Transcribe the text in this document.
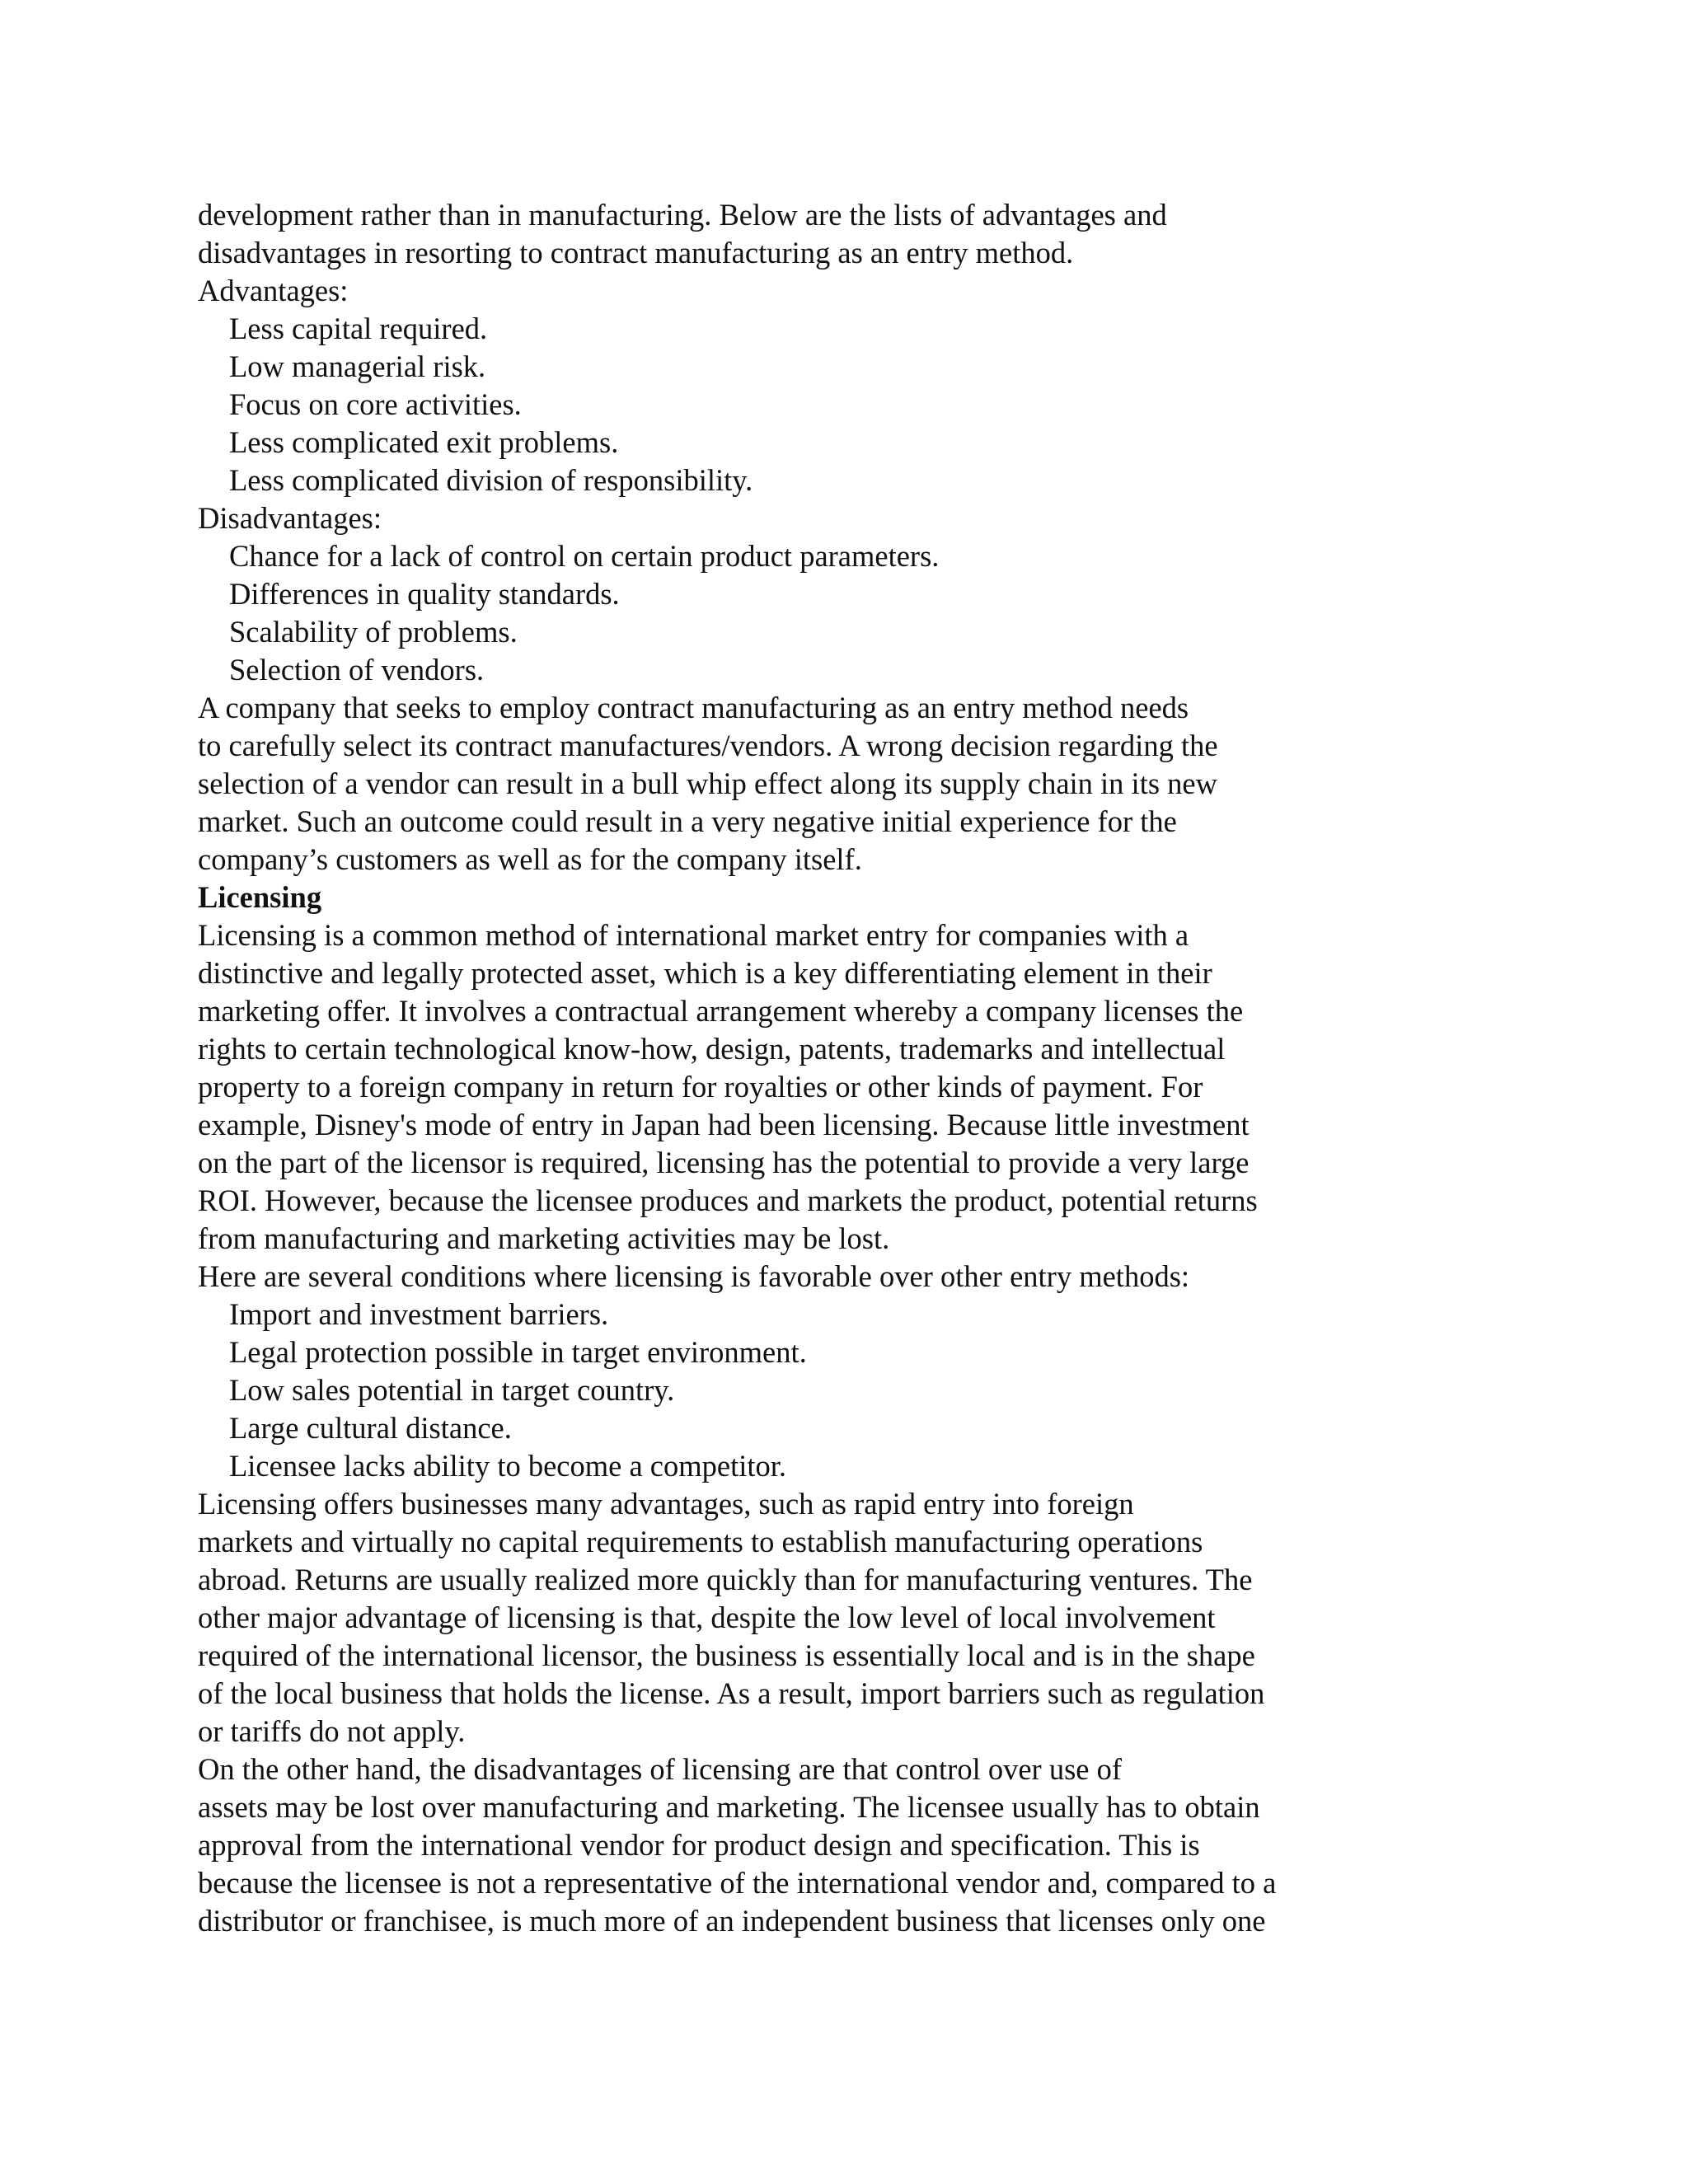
development rather than in manufacturing. Below are the lists of advantages and
disadvantages in resorting to contract manufacturing as an entry method.
Advantages:
Less capital required.
Low managerial risk.
Focus on core activities.
Less complicated exit problems.
Less complicated division of responsibility.
Disadvantages:
Chance for a lack of control on certain product parameters.
Differences in quality standards.
Scalability of problems.
Selection of vendors.
A company that seeks to employ contract manufacturing as an entry method needs
to carefully select its contract manufactures/vendors. A wrong decision regarding the
selection of a vendor can result in a bull whip effect along its supply chain in its new
market. Such an outcome could result in a very negative initial experience for the
company’s customers as well as for the company itself.
Licensing
Licensing is a common method of international market entry for companies with a
distinctive and legally protected asset, which is a key differentiating element in their
marketing offer. It involves a contractual arrangement whereby a company licenses the
rights to certain technological know-how, design, patents, trademarks and intellectual
property to a foreign company in return for royalties or other kinds of payment. For
example, Disney's mode of entry in Japan had been licensing. Because little investment
on the part of the licensor is required, licensing has the potential to provide a very large
ROI. However, because the licensee produces and markets the product, potential returns
from manufacturing and marketing activities may be lost.
Here are several conditions where licensing is favorable over other entry methods:
Import and investment barriers.
Legal protection possible in target environment.
Low sales potential in target country.
Large cultural distance.
Licensee lacks ability to become a competitor.
Licensing offers businesses many advantages, such as rapid entry into foreign
markets and virtually no capital requirements to establish manufacturing operations
abroad. Returns are usually realized more quickly than for manufacturing ventures. The
other major advantage of licensing is that, despite the low level of local involvement
required of the international licensor, the business is essentially local and is in the shape
of the local business that holds the license. As a result, import barriers such as regulation
or tariffs do not apply.
On the other hand, the disadvantages of licensing are that control over use of
assets may be lost over manufacturing and marketing. The licensee usually has to obtain
approval from the international vendor for product design and specification. This is
because the licensee is not a representative of the international vendor and, compared to a
distributor or franchisee, is much more of an independent business that licenses only one
